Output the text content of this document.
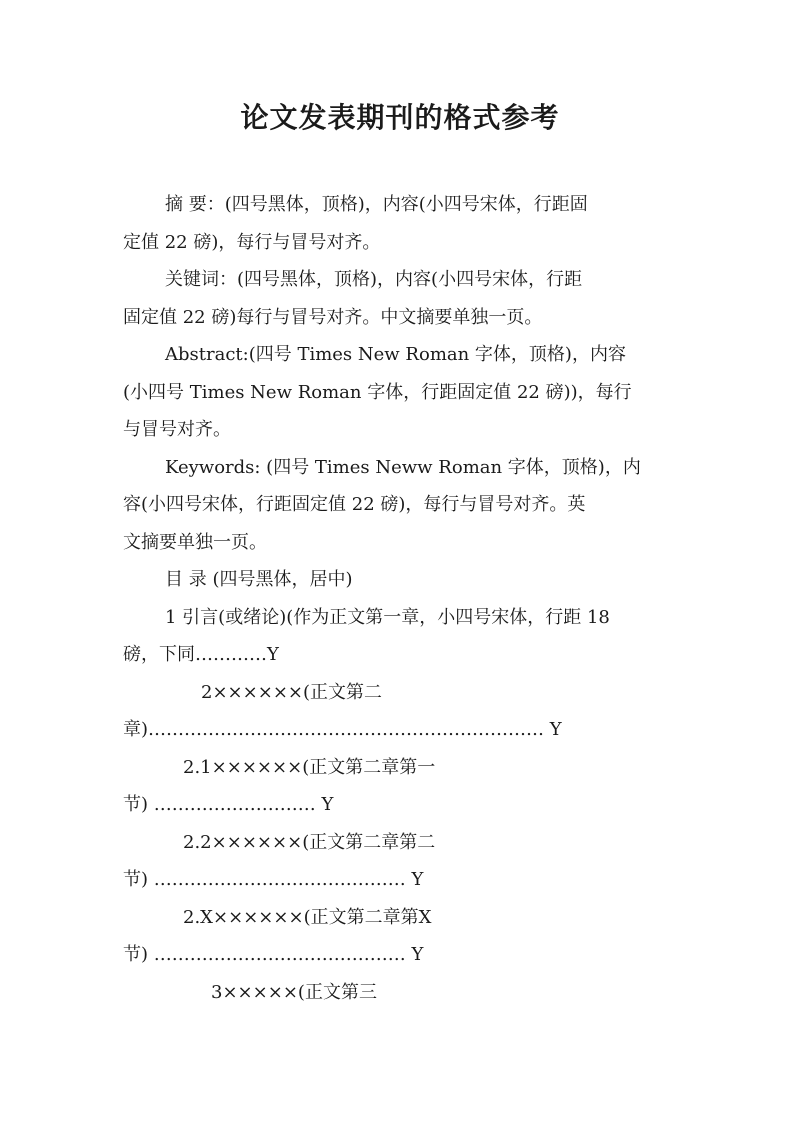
论文发表期刊的格式参考
摘 要：(四号黑体，顶格)，内容(小四号宋体，行距固
定值 22 磅)，每行与冒号对齐。
关键词：(四号黑体，顶格)，内容(小四号宋体，行距
固定值 22 磅)每行与冒号对齐。中文摘要单独一页。
Abstract:(四号 Times New Roman 字体，顶格)，内容
(小四号 Times New Roman 字体，行距固定值 22 磅))，每行
与冒号对齐。
Keywords: (四号 Times Neww Roman 字体，顶格)，内
容(小四号宋体，行距固定值 22 磅)，每行与冒号对齐。英
文摘要单独一页。
目 录 (四号黑体，居中)
1 引言(或绪论)(作为正文第一章，小四号宋体，行距 18
磅，下同…………Y
2××××××(正文第二
章)………………………………………………………… Y
2.1××××××(正文第二章第一
节) ……………………… Y
2.2××××××(正文第二章第二
节) …………………………………… Y
2.X××××××(正文第二章第X
节) …………………………………… Y
3×××××(正文第三
